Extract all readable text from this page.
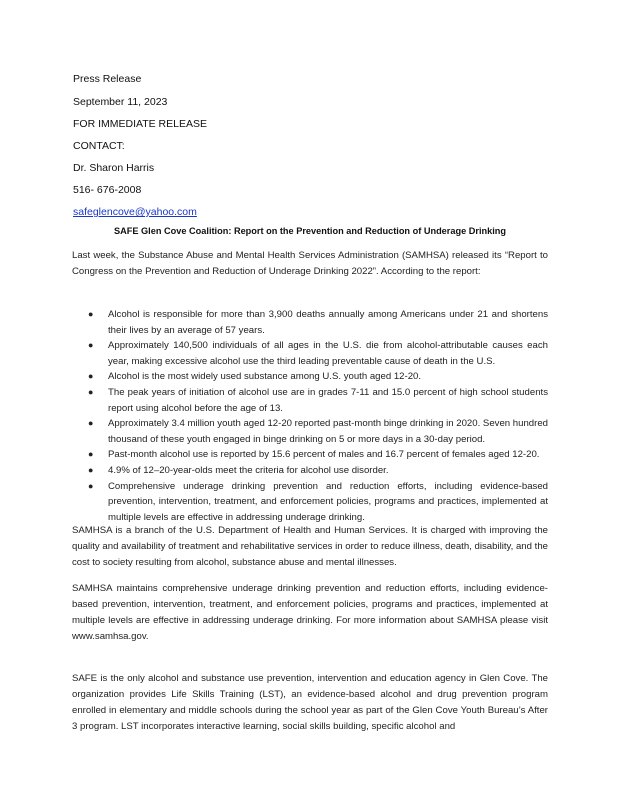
Press Release
September 11, 2023
FOR IMMEDIATE RELEASE
CONTACT:
Dr. Sharon Harris
516- 676-2008
safeglencove@yahoo.com
SAFE Glen Cove Coalition: Report on the Prevention and Reduction of Underage Drinking

Last week, the Substance Abuse and Mental Health Services Administration (SAMHSA) released its “Report to Congress on the Prevention and Reduction of Underage Drinking 2022”. According to the report:

● Alcohol is responsible for more than 3,900 deaths annually among Americans under 21 and shortens their lives by an average of 57 years.
● Approximately 140,500 individuals of all ages in the U.S. die from alcohol-attributable causes each year, making excessive alcohol use the third leading preventable cause of death in the U.S.
● Alcohol is the most widely used substance among U.S. youth aged 12-20.
● The peak years of initiation of alcohol use are in grades 7-11 and 15.0 percent of high school students report using alcohol before the age of 13.
● Approximately 3.4 million youth aged 12-20 reported past-month binge drinking in 2020. Seven hundred thousand of these youth engaged in binge drinking on 5 or more days in a 30-day period.
● Past-month alcohol use is reported by 15.6 percent of males and 16.7 percent of females aged 12-20.
● 4.9% of 12–20-year-olds meet the criteria for alcohol use disorder.
● Comprehensive underage drinking prevention and reduction efforts, including evidence-based prevention, intervention, treatment, and enforcement policies, programs and practices, implemented at multiple levels are effective in addressing underage drinking.

SAMHSA is a branch of the U.S. Department of Health and Human Services. It is charged with improving the quality and availability of treatment and rehabilitative services in order to reduce illness, death, disability, and the cost to society resulting from alcohol, substance abuse and mental illnesses.

SAMHSA maintains comprehensive underage drinking prevention and reduction efforts, including evidence-based prevention, intervention, treatment, and enforcement policies, programs and practices, implemented at multiple levels are effective in addressing underage drinking. For more information about SAMHSA please visit www.samhsa.gov.

SAFE is the only alcohol and substance use prevention, intervention and education agency in Glen Cove. The organization provides Life Skills Training (LST), an evidence-based alcohol and drug prevention program enrolled in elementary and middle schools during the school year as part of the Glen Cove Youth Bureau’s After 3 program. LST incorporates interactive learning, social skills building, specific alcohol and
